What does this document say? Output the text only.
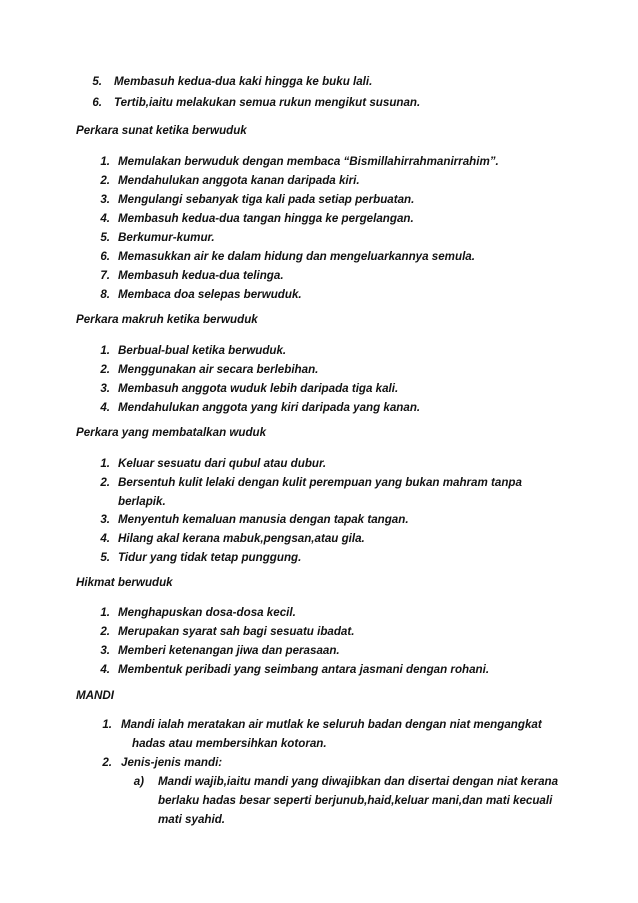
5. Membasuh kedua-dua kaki hingga ke buku lali.
6. Tertib,iaitu melakukan semua rukun mengikut susunan.
Perkara sunat ketika berwuduk
1. Memulakan berwuduk dengan membaca “Bismillahirrahmanirrahim”.
2. Mendahulukan anggota kanan daripada kiri.
3. Mengulangi sebanyak tiga kali pada setiap perbuatan.
4. Membasuh kedua-dua tangan hingga ke pergelangan.
5. Berkumur-kumur.
6. Memasukkan air ke dalam hidung dan mengeluarkannya semula.
7. Membasuh kedua-dua telinga.
8. Membaca doa selepas berwuduk.
Perkara makruh ketika berwuduk
1. Berbual-bual ketika berwuduk.
2. Menggunakan air secara berlebihan.
3. Membasuh anggota wuduk lebih daripada tiga kali.
4. Mendahulukan anggota yang kiri daripada yang kanan.
Perkara yang membatalkan wuduk
1. Keluar sesuatu dari qubul atau dubur.
2. Bersentuh kulit lelaki dengan kulit perempuan yang bukan mahram tanpa
berlapik.
3. Menyentuh kemaluan manusia dengan tapak tangan.
4. Hilang akal kerana mabuk,pengsan,atau gila.
5. Tidur yang tidak tetap punggung.
Hikmat berwuduk
1. Menghapuskan dosa-dosa kecil.
2. Merupakan syarat sah bagi sesuatu ibadat.
3. Memberi ketenangan jiwa dan perasaan.
4. Membentuk peribadi yang seimbang antara jasmani dengan rohani.
MANDI
1. Mandi ialah meratakan air mutlak ke seluruh badan dengan niat mengangkat
hadas atau membersihkan kotoran.
2. Jenis-jenis mandi:
a) Mandi wajib,iaitu mandi yang diwajibkan dan disertai dengan niat kerana
berlaku hadas besar seperti berjunub,haid,keluar mani,dan mati kecuali
mati syahid.
